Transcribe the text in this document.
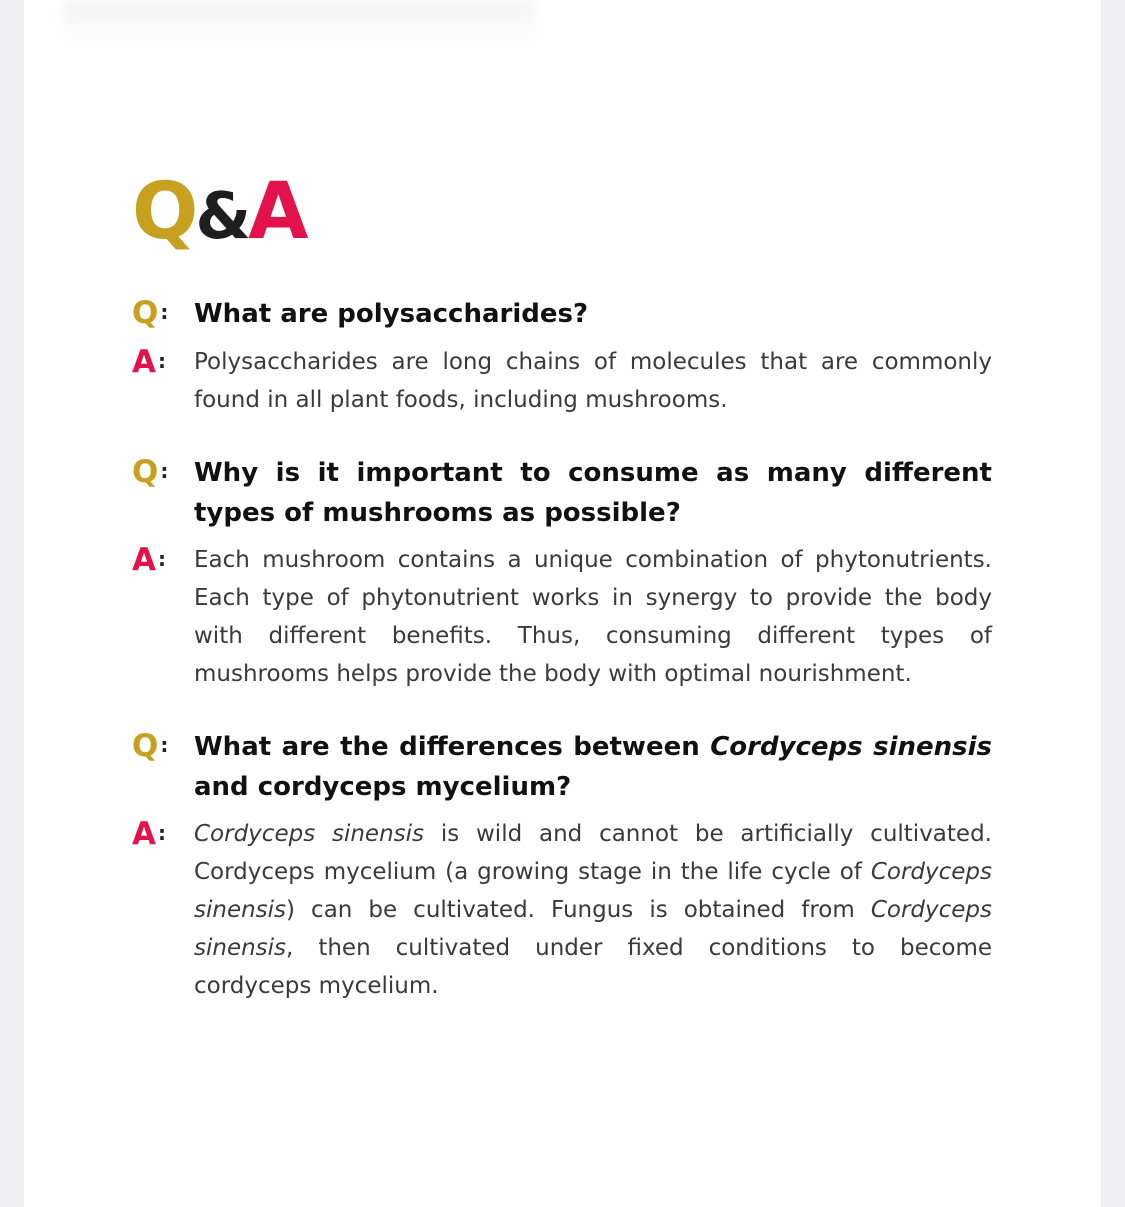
Q&A
Q : What are polysaccharides?

A :	Polysaccharides are long chains of molecules that are commonly found in all plant foods, including mushrooms.

Q : Why is it important to consume as many different types of mushrooms as possible?

A :	Each mushroom contains a unique combination of phytonutrients. Each type of phytonutrient works in synergy to provide the body with different benefits. Thus, consuming different types of mushrooms helps provide the body with optimal nourishment.

Q : What are the differences between Cordyceps sinensis and cordyceps mycelium?

A :	Cordyceps sinensis is wild and cannot be artificially cultivated. Cordyceps mycelium (a growing stage in the life cycle of Cordyceps sinensis) can be cultivated. Fungus is obtained from Cordyceps sinensis, then cultivated under fixed conditions to become cordyceps mycelium.
